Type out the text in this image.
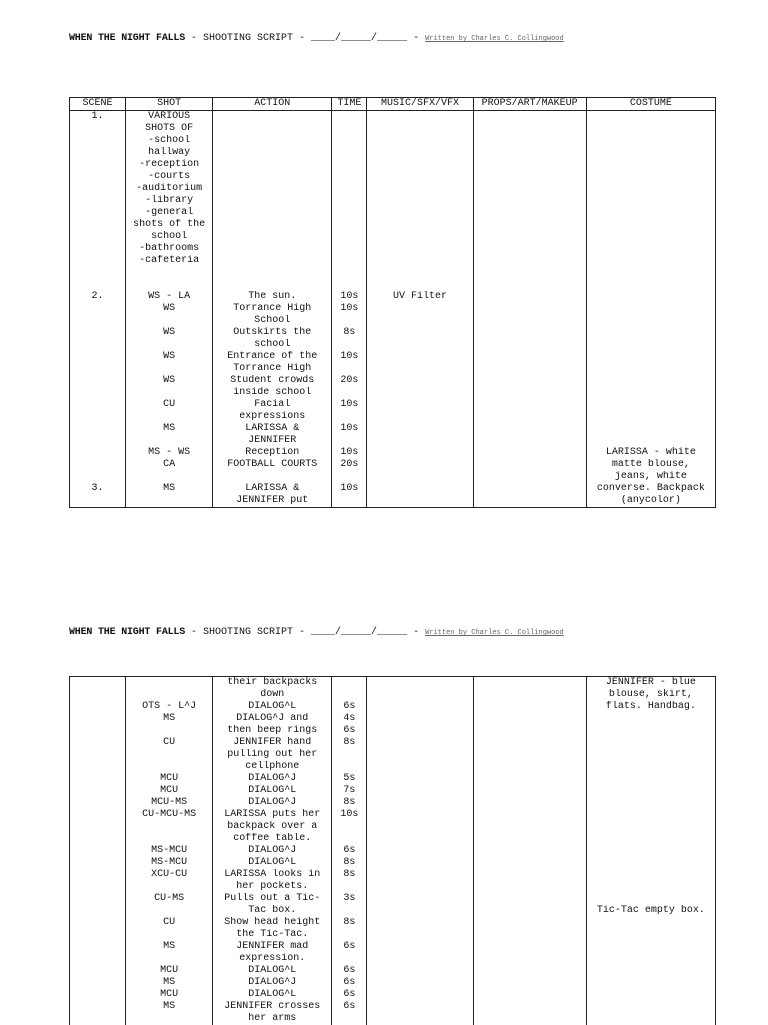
WHEN THE NIGHT FALLS - SHOOTING SCRIPT - ____/_____/_____ - Written by Charles C. Collingwood
SCENE	SHOT	ACTION	TIME	MUSIC/SFX/VFX	PROPS/ART/MAKEUP	COSTUME

1.	VARIOUS					

	SHOTS OF					

	-school					

	hallway					

	-reception					

	-courts					

	-auditorium					

	-library					

	-general					

	shots of the					

	school					

	-bathrooms					

	-cafeteria					

2.	WS - LA	The sun.	10s	UV Filter		

	WS	Torrance High	10s			

		School				

	WS	Outskirts the	8s			

		school				

	WS	Entrance of the	10s			

		Torrance High				

	WS	Student crowds	20s			

		inside school				

	CU	Facial	10s			

		expressions				

	MS	LARISSA &	10s			

		JENNIFER				

	MS - WS	Reception	10s			LARISSA - white

	CA	FOOTBALL COURTS	20s			matte blouse,

						jeans, white

3.	MS	LARISSA &	10s			converse. Backpack

		JENNIFER put				(anycolor)
WHEN THE NIGHT FALLS - SHOOTING SCRIPT - ____/_____/_____ - Written by Charles C. Collingwood

		their backpacks				JENNIFER - blue

		down				blouse, skirt,

	OTS - L^J	DIALOG^L	6s			flats. Handbag.

	MS	DIALOG^J and	4s			

		then beep rings	6s			

	CU	JENNIFER hand	8s			

		pulling out her				

		cellphone				

	MCU	DIALOG^J	5s			

	MCU	DIALOG^L	7s			

	MCU-MS	DIALOG^J	8s			

	CU-MCU-MS	LARISSA puts her	10s			

		backpack over a				

		coffee table.				

	MS-MCU	DIALOG^J	6s			

	MS-MCU	DIALOG^L	8s			

	XCU-CU	LARISSA looks in	8s			

		her pockets.				

	CU-MS	Pulls out a Tic-	3s			

		Tac box.				Tic-Tac empty box.

	CU	Show head height	8s			

		the Tic-Tac.				

	MS	JENNIFER mad	6s			

		expression.				

	MCU	DIALOG^L	6s			

	MS	DIALOG^J	6s			

	MCU	DIALOG^L	6s			

	MS	JENNIFER crosses	6s			

		her arms				
